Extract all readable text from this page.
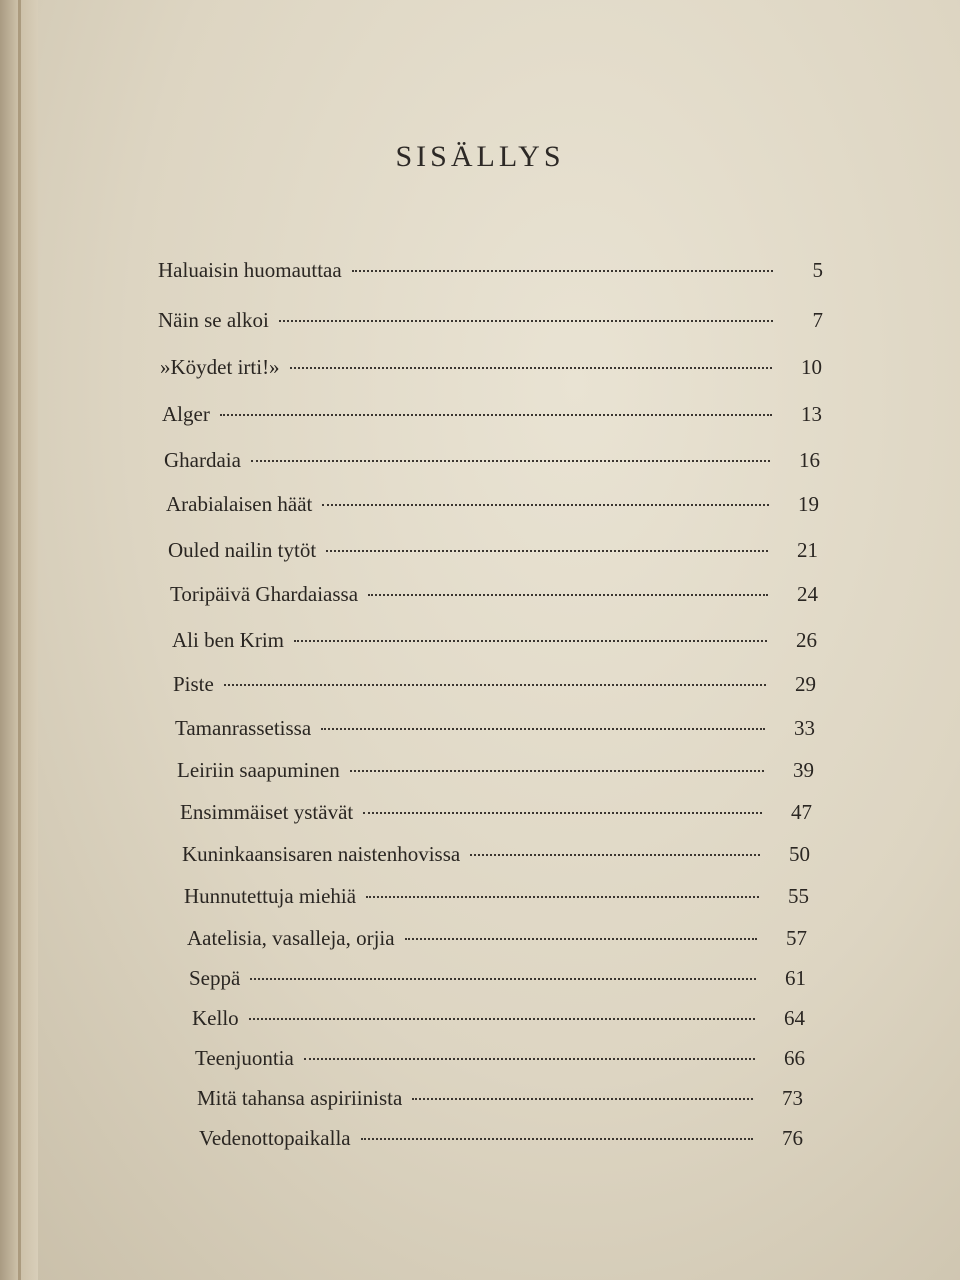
SISÄLLYS
Haluaisin huomauttaa	5
Näin se alkoi	7
»Köydet irti!»	10
Alger	13
Ghardaia	16
Arabialaisen häät	19
Ouled nailin tytöt	21
Toripäivä Ghardaiassa	24
Ali ben Krim	26
Piste	29
Tamanrassetissa	33
Leiriin saapuminen	39
Ensimmäiset ystävät	47
Kuninkaansisaren naistenhovissa	50
Hunnutettuja miehiä	55
Aatelisia, vasalleja, orjia	57
Seppä	61
Kello	64
Teenjuontia	66
Mitä tahansa aspiriinista	73
Vedenottopaikalla	76
